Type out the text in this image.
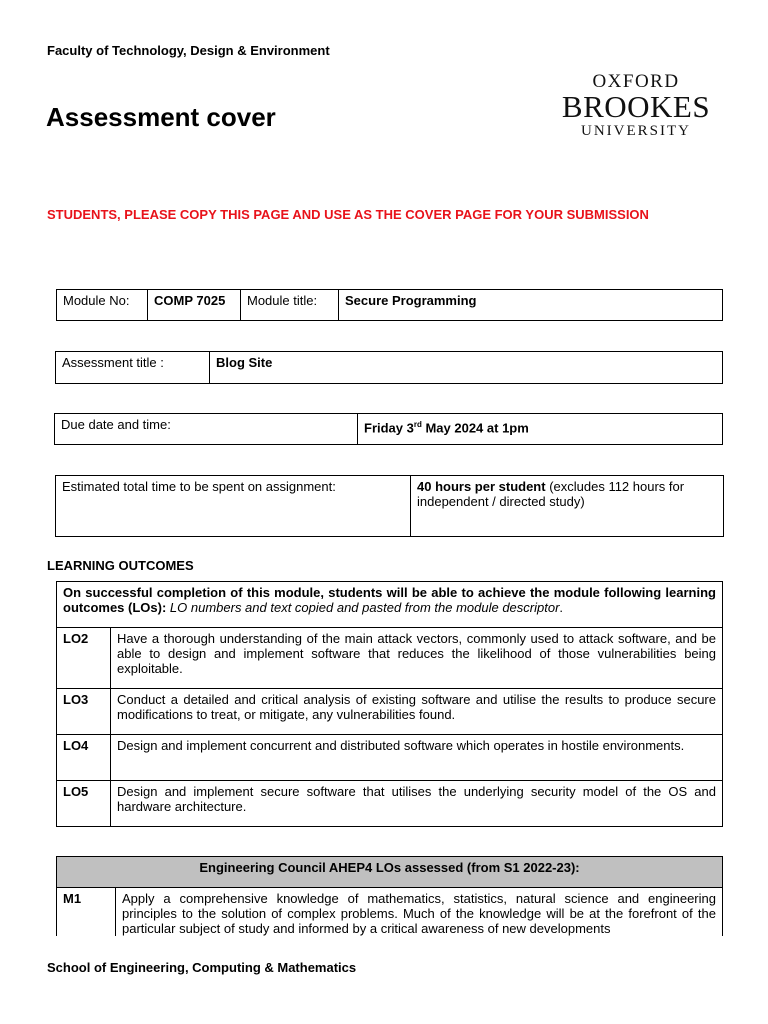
Faculty of Technology, Design & Environment
Assessment cover
OXFORD
BROOKES
UNIVERSITY
STUDENTS, PLEASE COPY THIS PAGE AND USE AS THE COVER PAGE FOR YOUR SUBMISSION
Module No:	COMP 7025	Module title:	Secure Programming
Assessment title :	Blog Site
Due date and time:	Friday 3rd May 2024 at 1pm
Estimated total time to be spent on assignment:	40 hours per student (excludes 112 hours for independent / directed study)
LEARNING OUTCOMES
On successful completion of this module, students will be able to achieve the module following learning outcomes (LOs): LO numbers and text copied and pasted from the module descriptor.	
LO2	Have a thorough understanding of the main attack vectors, commonly used to attack software, and be able to design and implement software that reduces the likelihood of those vulnerabilities being exploitable.
LO3	Conduct a detailed and critical analysis of existing software and utilise the results to produce secure modifications to treat, or mitigate, any vulnerabilities found.
LO4	Design and implement concurrent and distributed software which operates in hostile environments.
LO5	Design and implement secure software that utilises the underlying security model of the OS and hardware architecture.
Engineering Council AHEP4 LOs assessed (from S1 2022-23):
M1	Apply a comprehensive knowledge of mathematics, statistics, natural science and engineering principles to the solution of complex problems. Much of the knowledge will be at the forefront of the particular subject of study and informed by a critical awareness of new developments
School of Engineering, Computing & Mathematics
